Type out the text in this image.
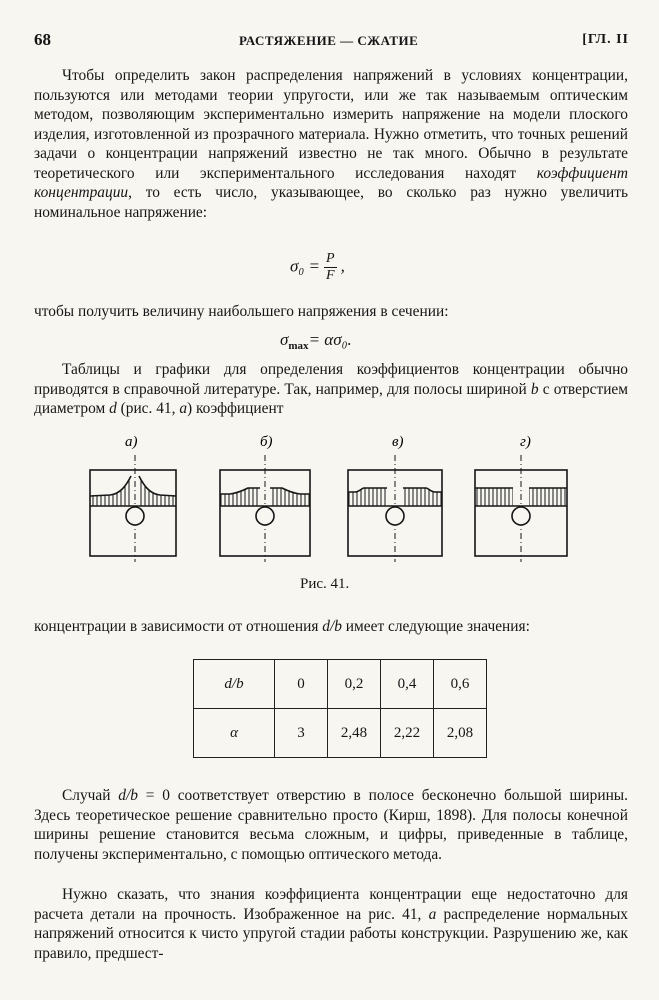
68	РАСТЯЖЕНИЕ — СЖАТИЕ	[ГЛ. II

Чтобы определить закон распределения напряжений в условиях концентрации, пользуются или методами теории упругости, или же так называемым оптическим методом, позволяющим экспериментально измерить напряжение на модели плоского изделия, изготовленной из прозрачного материала. Нужно отметить, что точных решений задачи о концентрации напряжений известно не так много. Обычно в результате теоретического или экспериментального исследования находят коэффициент концентрации, то есть число, указывающее, во сколько раз нужно увеличить номинальное напряжение:

$\sigma_0 = \frac{P}{F}$ ,

чтобы получить величину наибольшего напряжения в сечении:

$\sigma_{max}= \alpha\sigma_0$.

Таблицы и графики для определения коэффициентов концентрации обычно приводятся в справочной литературе. Так, например, для полосы шириной b с отверстием диаметром d (рис. 41, а) коэффициент

а)	б)	в)	г)
Рис. 41.

концентрации в зависимости от отношения d/b имеет следующие значения:

d/b	0	0,2	0,4	0,6
α	3	2,48	2,22	2,08

Случай d/b = 0 соответствует отверстию в полосе бесконечно большой ширины. Здесь теоретическое решение сравнительно просто (Кирш, 1898). Для полосы конечной ширины решение становится весьма сложным, и цифры, приведенные в таблице, получены экспериментально, с помощью оптического метода.

Нужно сказать, что знания коэффициента концентрации еще недостаточно для расчета детали на прочность. Изображенное на рис. 41, а распределение нормальных напряжений относится к чисто упругой стадии работы конструкции. Разрушению же, как правило, предшест-
